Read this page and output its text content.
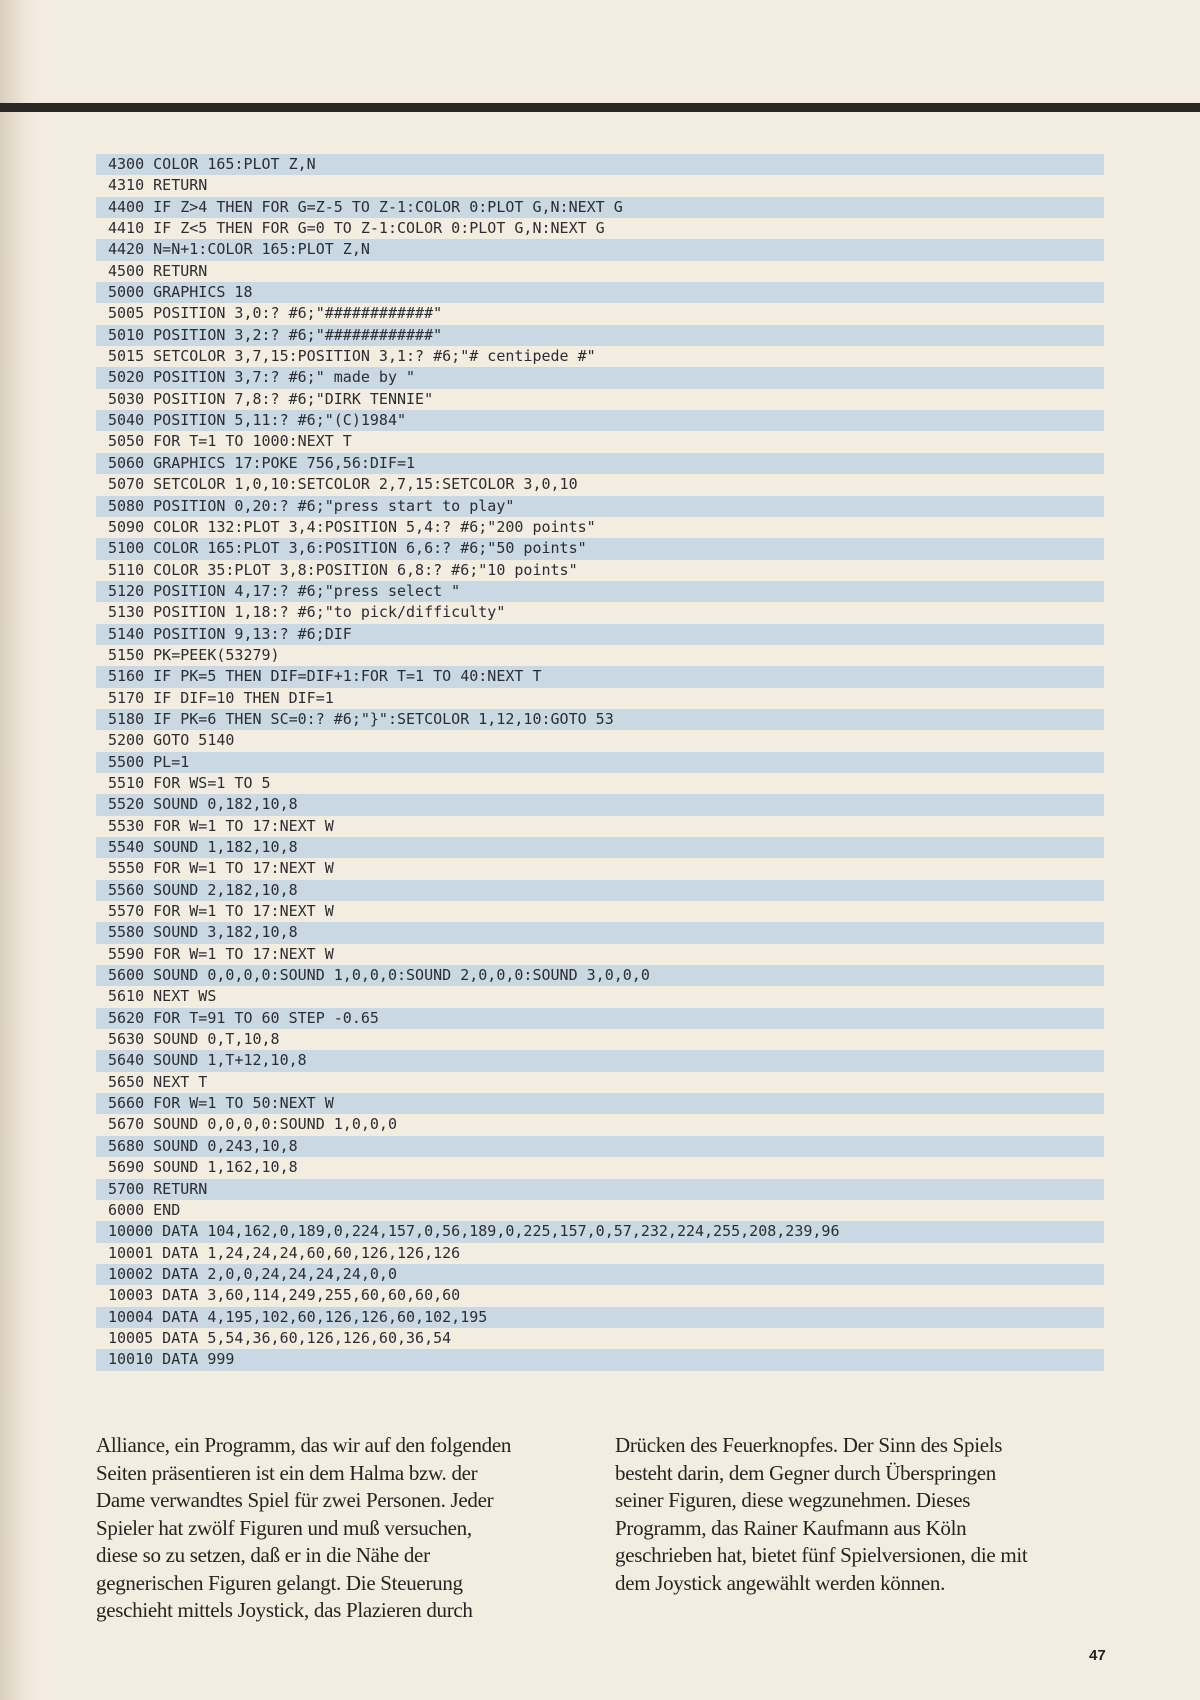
4300 COLOR 165:PLOT Z,N
4310 RETURN
4400 IF Z>4 THEN FOR G=Z-5 TO Z-1:COLOR 0:PLOT G,N:NEXT G
4410 IF Z<5 THEN FOR G=0 TO Z-1:COLOR 0:PLOT G,N:NEXT G
4420 N=N+1:COLOR 165:PLOT Z,N
4500 RETURN
5000 GRAPHICS 18
5005 POSITION 3,0:? #6;"############"
5010 POSITION 3,2:? #6;"############"
5015 SETCOLOR 3,7,15:POSITION 3,1:? #6;"# centipede #"
5020 POSITION 3,7:? #6;" made by "
5030 POSITION 7,8:? #6;"DIRK TENNIE"
5040 POSITION 5,11:? #6;"(C)1984"
5050 FOR T=1 TO 1000:NEXT T
5060 GRAPHICS 17:POKE 756,56:DIF=1
5070 SETCOLOR 1,0,10:SETCOLOR 2,7,15:SETCOLOR 3,0,10
5080 POSITION 0,20:? #6;"press start to play"
5090 COLOR 132:PLOT 3,4:POSITION 5,4:? #6;"200 points"
5100 COLOR 165:PLOT 3,6:POSITION 6,6:? #6;"50 points"
5110 COLOR 35:PLOT 3,8:POSITION 6,8:? #6;"10 points"
5120 POSITION 4,17:? #6;"press select "
5130 POSITION 1,18:? #6;"to pick/difficulty"
5140 POSITION 9,13:? #6;DIF
5150 PK=PEEK(53279)
5160 IF PK=5 THEN DIF=DIF+1:FOR T=1 TO 40:NEXT T
5170 IF DIF=10 THEN DIF=1
5180 IF PK=6 THEN SC=0:? #6;"}":SETCOLOR 1,12,10:GOTO 53
5200 GOTO 5140
5500 PL=1
5510 FOR WS=1 TO 5
5520 SOUND 0,182,10,8
5530 FOR W=1 TO 17:NEXT W
5540 SOUND 1,182,10,8
5550 FOR W=1 TO 17:NEXT W
5560 SOUND 2,182,10,8
5570 FOR W=1 TO 17:NEXT W
5580 SOUND 3,182,10,8
5590 FOR W=1 TO 17:NEXT W
5600 SOUND 0,0,0,0:SOUND 1,0,0,0:SOUND 2,0,0,0:SOUND 3,0,0,0
5610 NEXT WS
5620 FOR T=91 TO 60 STEP -0.65
5630 SOUND 0,T,10,8
5640 SOUND 1,T+12,10,8
5650 NEXT T
5660 FOR W=1 TO 50:NEXT W
5670 SOUND 0,0,0,0:SOUND 1,0,0,0
5680 SOUND 0,243,10,8
5690 SOUND 1,162,10,8
5700 RETURN
6000 END
10000 DATA 104,162,0,189,0,224,157,0,56,189,0,225,157,0,57,232,224,255,208,239,96
10001 DATA 1,24,24,24,60,60,126,126,126
10002 DATA 2,0,0,24,24,24,24,0,0
10003 DATA 3,60,114,249,255,60,60,60,60
10004 DATA 4,195,102,60,126,126,60,102,195
10005 DATA 5,54,36,60,126,126,60,36,54
10010 DATA 999
Alliance, ein Programm, das wir auf den folgenden
Seiten präsentieren ist ein dem Halma bzw. der
Dame verwandtes Spiel für zwei Personen. Jeder
Spieler hat zwölf Figuren und muß versuchen,
diese so zu setzen, daß er in die Nähe der
gegnerischen Figuren gelangt. Die Steuerung
geschieht mittels Joystick, das Plazieren durch
Drücken des Feuerknopfes. Der Sinn des Spiels
besteht darin, dem Gegner durch Überspringen
seiner Figuren, diese wegzunehmen. Dieses
Programm, das Rainer Kaufmann aus Köln
geschrieben hat, bietet fünf Spielversionen, die mit
dem Joystick angewählt werden können.
47
